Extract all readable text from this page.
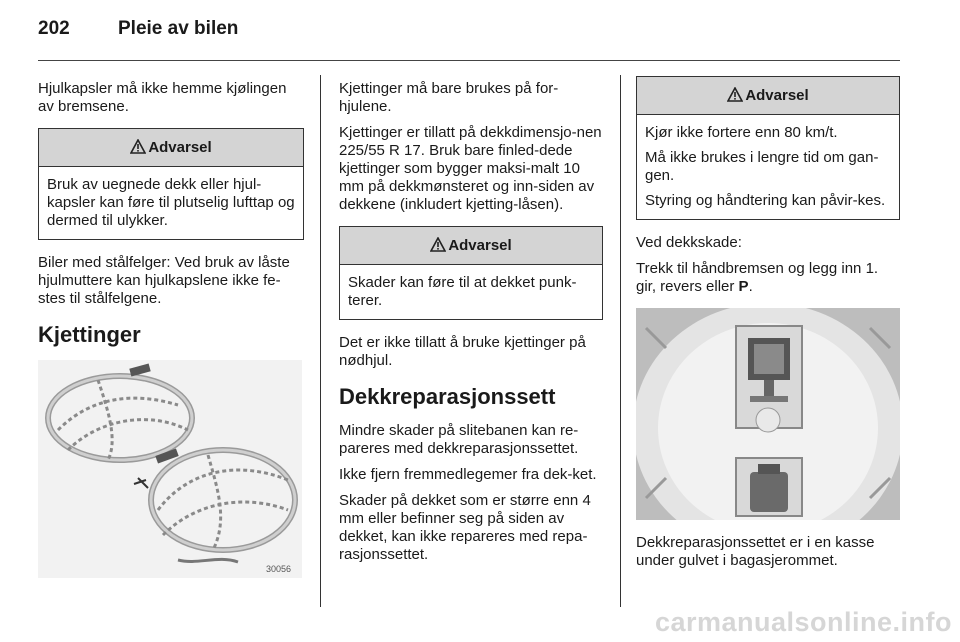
202	Pleie av bilen

Hjulkapsler må ikke hemme kjølingen av bremsene.

Advarsel

Bruk av uegnede dekk eller hjul-kapsler kan føre til plutselig lufttap og dermed til ulykker.

Biler med stålfelger: Ved bruk av låste hjulmuttere kan hjulkapslene ikke fe-stes til stålfelgene.

Kjettinger
30056

Kjettinger må bare brukes på for-hjulene.

Kjettinger er tillatt på dekkdimensjo-nen 225/55 R 17. Bruk bare finled-dede kjettinger som bygger maksi-malt 10 mm på dekkmønsteret og inn-siden av dekkene (inkludert kjetting-låsen).

Advarsel

Skader kan føre til at dekket punk-terer.

Det er ikke tillatt å bruke kjettinger på nødhjul.

Dekkreparasjonssett

Mindre skader på slitebanen kan re-pareres med dekkreparasjonssettet.

Ikke fjern fremmedlegemer fra dek-ket.

Skader på dekket som er større enn 4 mm eller befinner seg på siden av dekket, kan ikke repareres med repa-rasjonssettet.

Advarsel

Kjør ikke fortere enn 80 km/t.

Må ikke brukes i lengre tid om gan-gen.

Styring og håndtering kan påvir-kes.

Ved dekkskade:

Trekk til håndbremsen og legg inn 1. gir, revers eller P.

Dekkreparasjonssettet er i en kasse under gulvet i bagasjerommet.

carmanualsonline.info
